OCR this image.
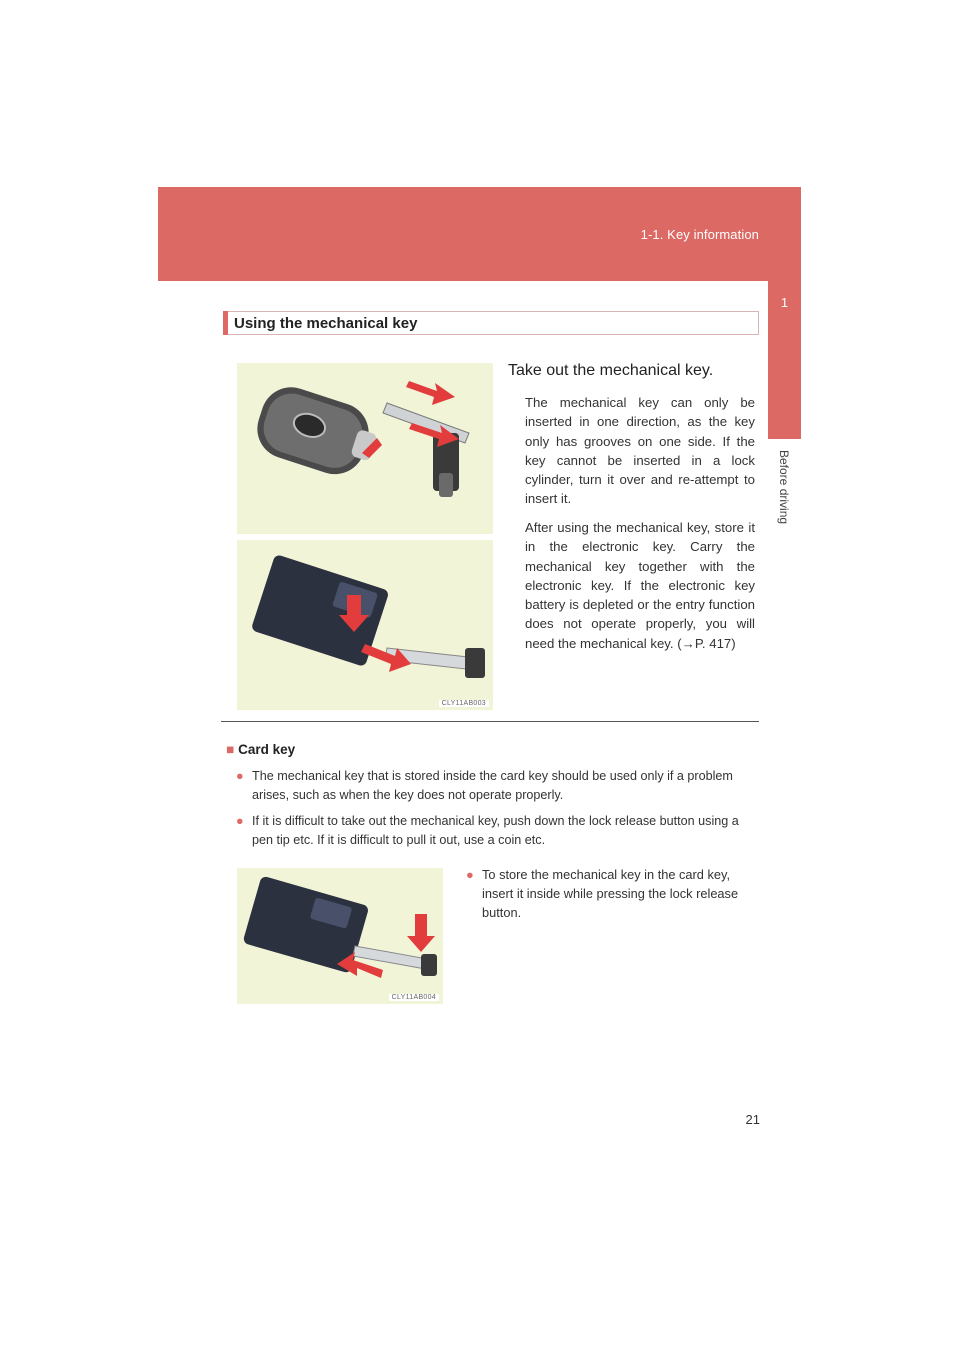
1-1. Key information
1
Before driving
Using the mechanical key
CLY11AB003
Take out the mechanical key.
The mechanical key can only be inserted in one direction, as the key only has grooves on one side. If the key cannot be inserted in a lock cylinder, turn it over and re-attempt to insert it.
After using the mechanical key, store it in the electronic key. Carry the mechanical key together with the electronic key. If the electronic key battery is depleted or the entry function does not operate properly, you will need the mechanical key. (→P. 417)
■ Card key
● The mechanical key that is stored inside the card key should be used only if a problem arises, such as when the key does not operate properly.
● If it is difficult to take out the mechanical key, push down the lock release button using a pen tip etc. If it is difficult to pull it out, use a coin etc.
CLY11AB004
● To store the mechanical key in the card key, insert it inside while pressing the lock release button.
21
